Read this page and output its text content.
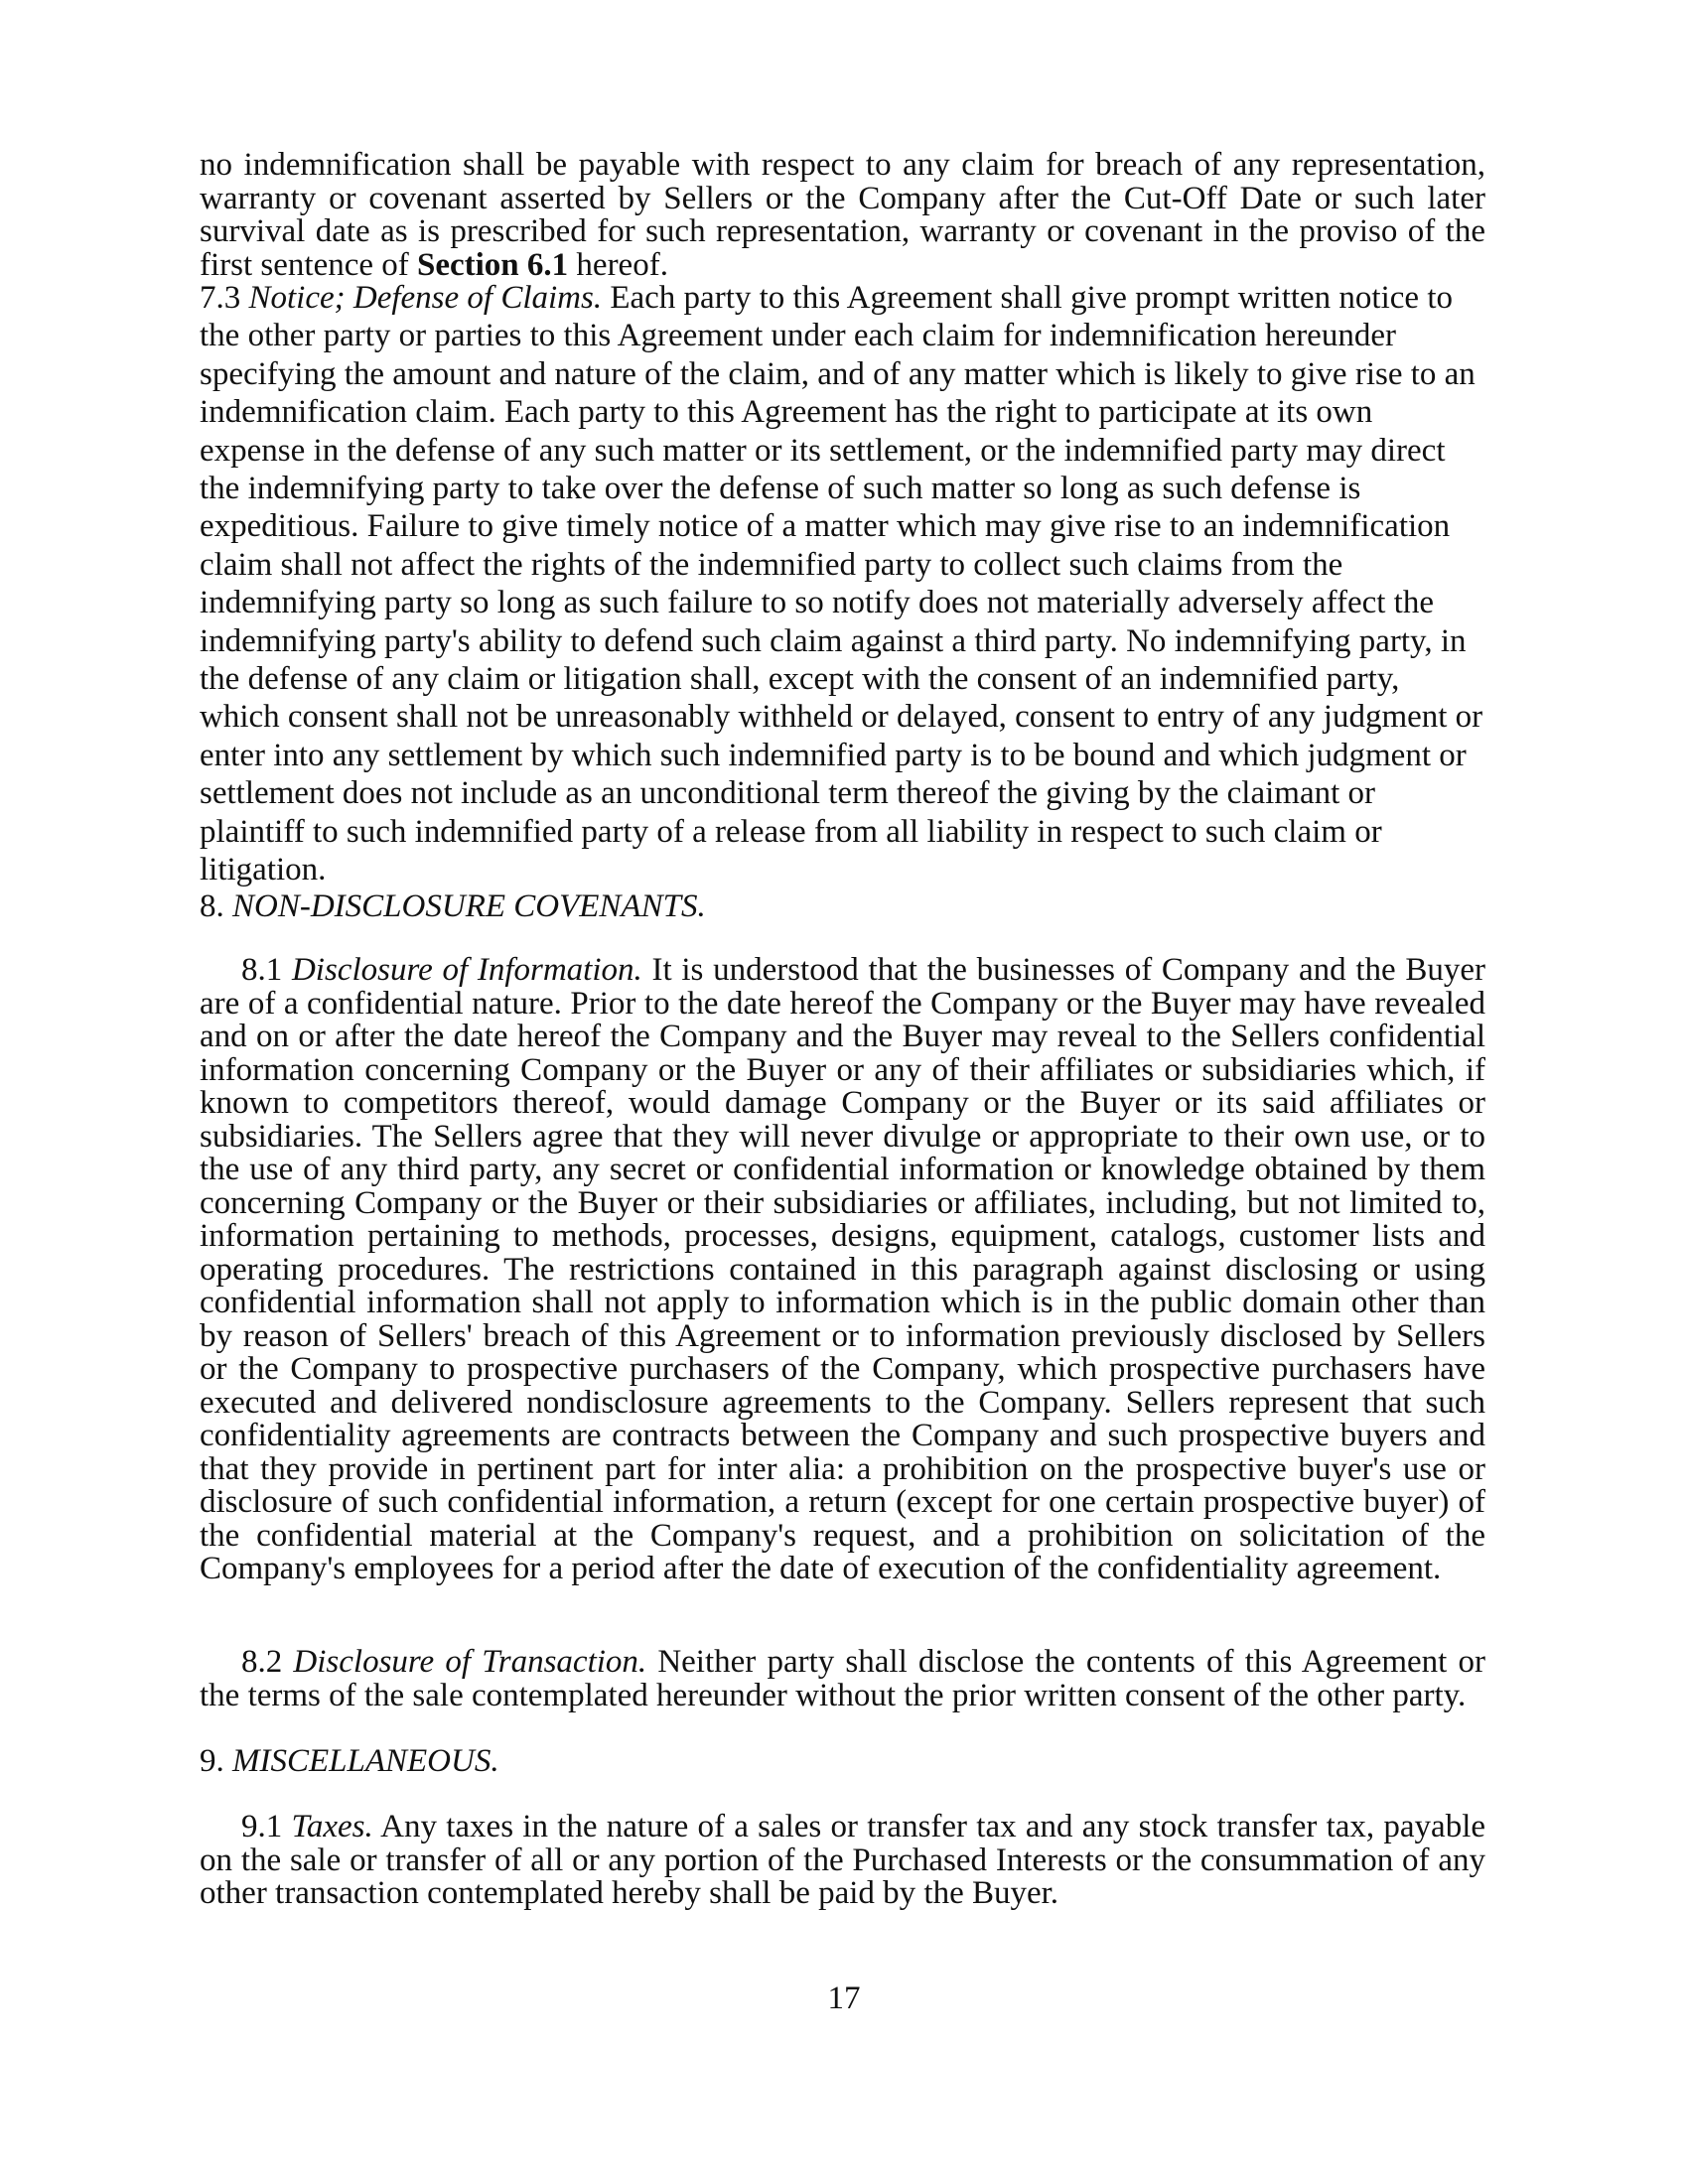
no indemnification shall be payable with respect to any claim for breach of any representation, warranty or covenant asserted by Sellers or the Company after the Cut-Off Date or such later survival date as is prescribed for such representation, warranty or covenant in the proviso of the first sentence of Section 6.1 hereof.

7.3 Notice; Defense of Claims. Each party to this Agreement shall give prompt written notice to the other party or parties to this Agreement under each claim for indemnification hereunder specifying the amount and nature of the claim, and of any matter which is likely to give rise to an indemnification claim. Each party to this Agreement has the right to participate at its own expense in the defense of any such matter or its settlement, or the indemnified party may direct the indemnifying party to take over the defense of such matter so long as such defense is expeditious. Failure to give timely notice of a matter which may give rise to an indemnification claim shall not affect the rights of the indemnified party to collect such claims from the indemnifying party so long as such failure to so notify does not materially adversely affect the indemnifying party's ability to defend such claim against a third party. No indemnifying party, in the defense of any claim or litigation shall, except with the consent of an indemnified party, which consent shall not be unreasonably withheld or delayed, consent to entry of any judgment or enter into any settlement by which such indemnified party is to be bound and which judgment or settlement does not include as an unconditional term thereof the giving by the claimant or plaintiff to such indemnified party of a release from all liability in respect to such claim or litigation.

8. NON-DISCLOSURE COVENANTS.

8.1 Disclosure of Information. It is understood that the businesses of Company and the Buyer are of a confidential nature. Prior to the date hereof the Company or the Buyer may have revealed and on or after the date hereof the Company and the Buyer may reveal to the Sellers confidential information concerning Company or the Buyer or any of their affiliates or subsidiaries which, if known to competitors thereof, would damage Company or the Buyer or its said affiliates or subsidiaries. The Sellers agree that they will never divulge or appropriate to their own use, or to the use of any third party, any secret or confidential information or knowledge obtained by them concerning Company or the Buyer or their subsidiaries or affiliates, including, but not limited to, information pertaining to methods, processes, designs, equipment, catalogs, customer lists and operating procedures. The restrictions contained in this paragraph against disclosing or using confidential information shall not apply to information which is in the public domain other than by reason of Sellers' breach of this Agreement or to information previously disclosed by Sellers or the Company to prospective purchasers of the Company, which prospective purchasers have executed and delivered nondisclosure agreements to the Company. Sellers represent that such confidentiality agreements are contracts between the Company and such prospective buyers and that they provide in pertinent part for inter alia: a prohibition on the prospective buyer's use or disclosure of such confidential information, a return (except for one certain prospective buyer) of the confidential material at the Company's request, and a prohibition on solicitation of the Company's employees for a period after the date of execution of the confidentiality agreement.

8.2 Disclosure of Transaction. Neither party shall disclose the contents of this Agreement or the terms of the sale contemplated hereunder without the prior written consent of the other party.

9. MISCELLANEOUS.

9.1 Taxes. Any taxes in the nature of a sales or transfer tax and any stock transfer tax, payable on the sale or transfer of all or any portion of the Purchased Interests or the consummation of any other transaction contemplated hereby shall be paid by the Buyer.

17
